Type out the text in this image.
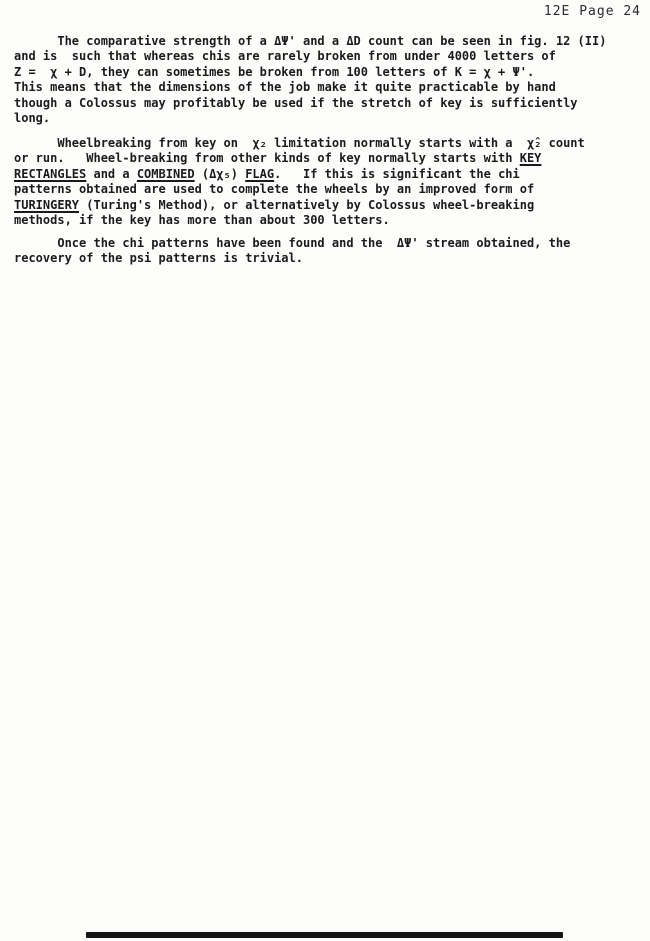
12E Page 24
The comparative strength of a ΔΨ' and a ΔD count can be seen in fig. 12 (II)
and is  such that whereas chis are rarely broken from under 4000 letters of
Z =  χ + D, they can sometimes be broken from 100 letters of K = χ + Ψ'.
This means that the dimensions of the job make it quite practicable by hand
though a Colossus may profitably be used if the stretch of key is sufficiently
long.
Wheelbreaking from key on  χ₂ limitation normally starts with a  χ̂₂ count
or run.   Wheel-breaking from other kinds of key normally starts with KEY
RECTANGLES and a COMBINED (Δχ₅) FLAG.   If this is significant the chi
patterns obtained are used to complete the wheels by an improved form of
TURINGERY (Turing's Method), or alternatively by Colossus wheel-breaking
methods, if the key has more than about 300 letters.
Once the chi patterns have been found and the  ΔΨ' stream obtained, the
recovery of the psi patterns is trivial.
